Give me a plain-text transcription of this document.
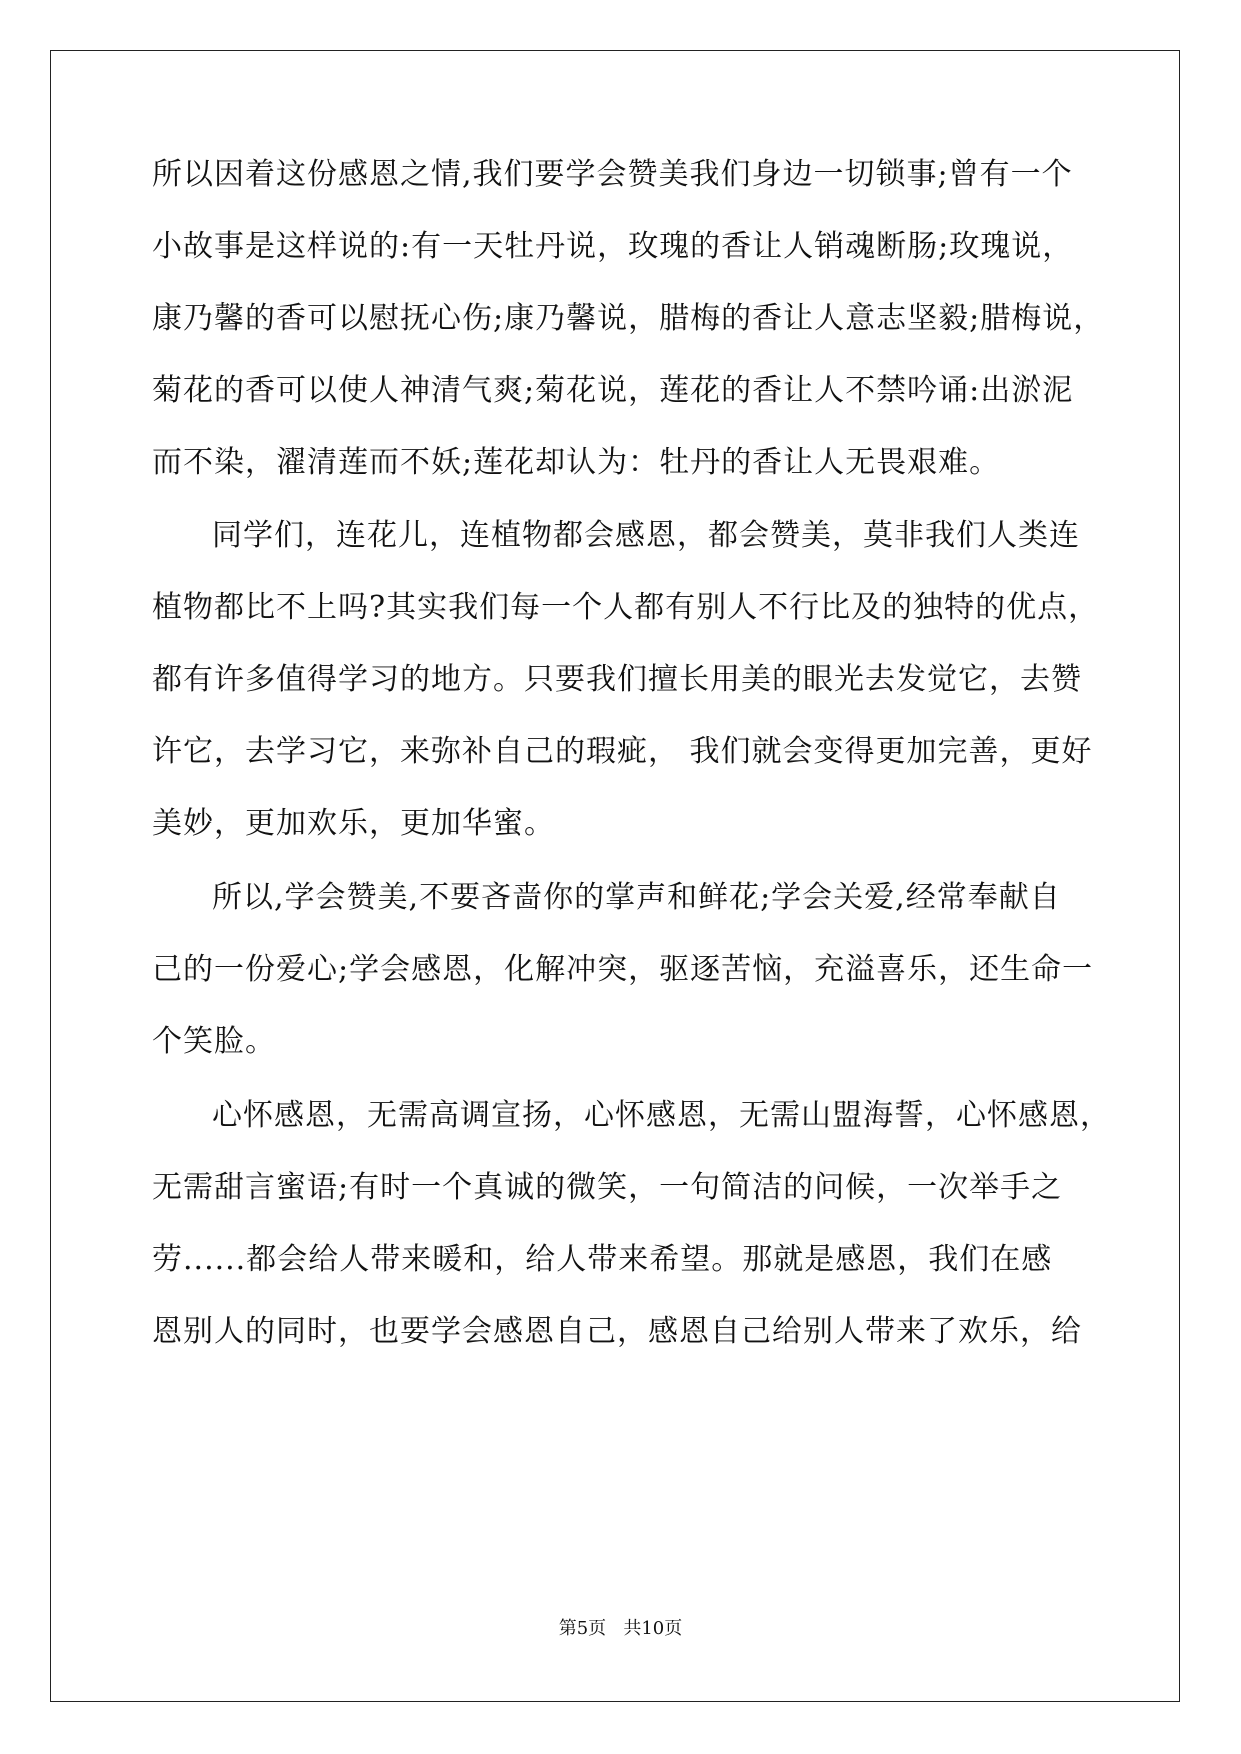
所以因着这份感恩之情,我们要学会赞美我们身边一切锁事;曾有一个
小故事是这样说的:有一天牡丹说，玫瑰的香让人销魂断肠;玫瑰说，
康乃馨的香可以慰抚心伤;康乃馨说，腊梅的香让人意志坚毅;腊梅说，
菊花的香可以使人神清气爽;菊花说，莲花的香让人不禁吟诵:出淤泥
而不染，濯清莲而不妖;莲花却认为：牡丹的香让人无畏艰难。
同学们，连花儿，连植物都会感恩，都会赞美，莫非我们人类连
植物都比不上吗?其实我们每一个人都有别人不行比及的独特的优点，
都有许多值得学习的地方。只要我们擅长用美的眼光去发觉它，去赞
许它，去学习它，来弥补自己的瑕疵， 我们就会变得更加完善，更好
美妙，更加欢乐，更加华蜜。
所以,学会赞美,不要吝啬你的掌声和鲜花;学会关爱,经常奉献自
己的一份爱心;学会感恩，化解冲突，驱逐苦恼，充溢喜乐，还生命一
个笑脸。
心怀感恩，无需高调宣扬，心怀感恩，无需山盟海誓，心怀感恩，
无需甜言蜜语;有时一个真诚的微笑，一句简洁的问候，一次举手之
劳......都会给人带来暖和，给人带来希望。那就是感恩，我们在感
恩别人的同时，也要学会感恩自己，感恩自己给别人带来了欢乐，给
第5页 共10页
